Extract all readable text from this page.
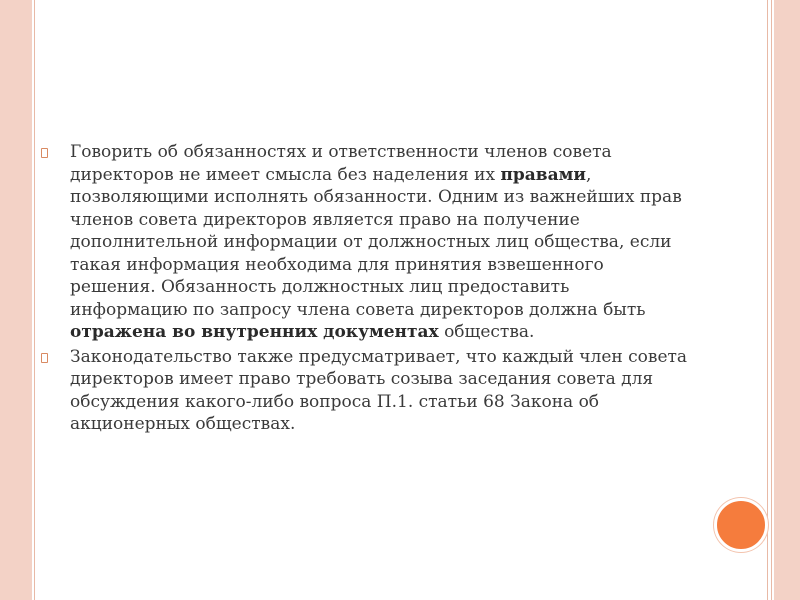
Говорить об обязанностях и ответственности членов совета директоров не имеет смысла без наделения их правами, позволяющими исполнять обязанности. Одним из важнейших прав членов совета директоров является право на получение дополнительной информации от должностных лиц общества, если такая информация необходима для принятия взвешенного решения. Обязанность должностных лиц предоставить информацию по запросу члена совета директоров должна быть отражена во внутренних документах общества.

Законодательство также предусматривает, что каждый член совета директоров имеет право требовать созыва заседания совета для обсуждения какого-либо вопроса П.1. статьи 68 Закона об акционерных обществах.
